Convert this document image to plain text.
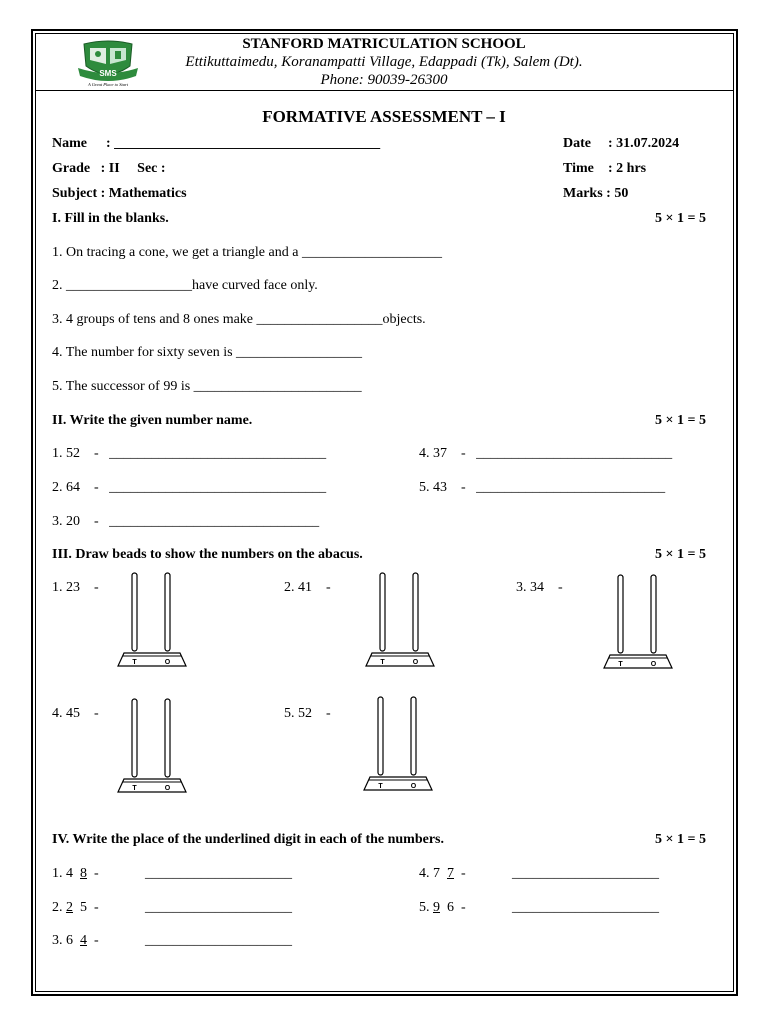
SMS
A Great Place to Start
STANFORD MATRICULATION SCHOOL
Ettikuttaimedu, Koranampatti Village, Edappadi (Tk), Salem (Dt).
Phone: 90039-26300
FORMATIVE ASSESSMENT – I
Name : ______________________________________
Grade   : II     Sec :
Subject : Mathematics
Date : 31.07.2024
Time : 2 hrs
Marks : 50
I. Fill in the blanks.	5 × 1 = 5
1. On tracing a cone, we get a triangle and a ____________________
2. __________________have curved face only.
3. 4 groups of tens and 8 ones make __________________objects.
4. The number for sixty seven is __________________
5. The successor of 99 is ________________________
II. Write the given number name.	5 × 1 = 5
1. 52    -   _______________________________
2. 64    -   _______________________________
3. 20    -   ______________________________
4. 37    -   ____________________________
5. 43    -   ___________________________
III. Draw beads to show the numbers on the abacus.	5 × 1 = 5
1. 23    -	2. 41    -	3. 34    -
4. 45    -	5. 52    -
T	O	T	O	T	O
T	O	T	O
IV. Write the place of the underlined digit in each of the numbers.	5 × 1 = 5
1. 4 8 -	_____________________
2. 2 5 -	_____________________
3. 6 4 -	_____________________
4. 7 7 -	_____________________
5. 9 6 -	_____________________
